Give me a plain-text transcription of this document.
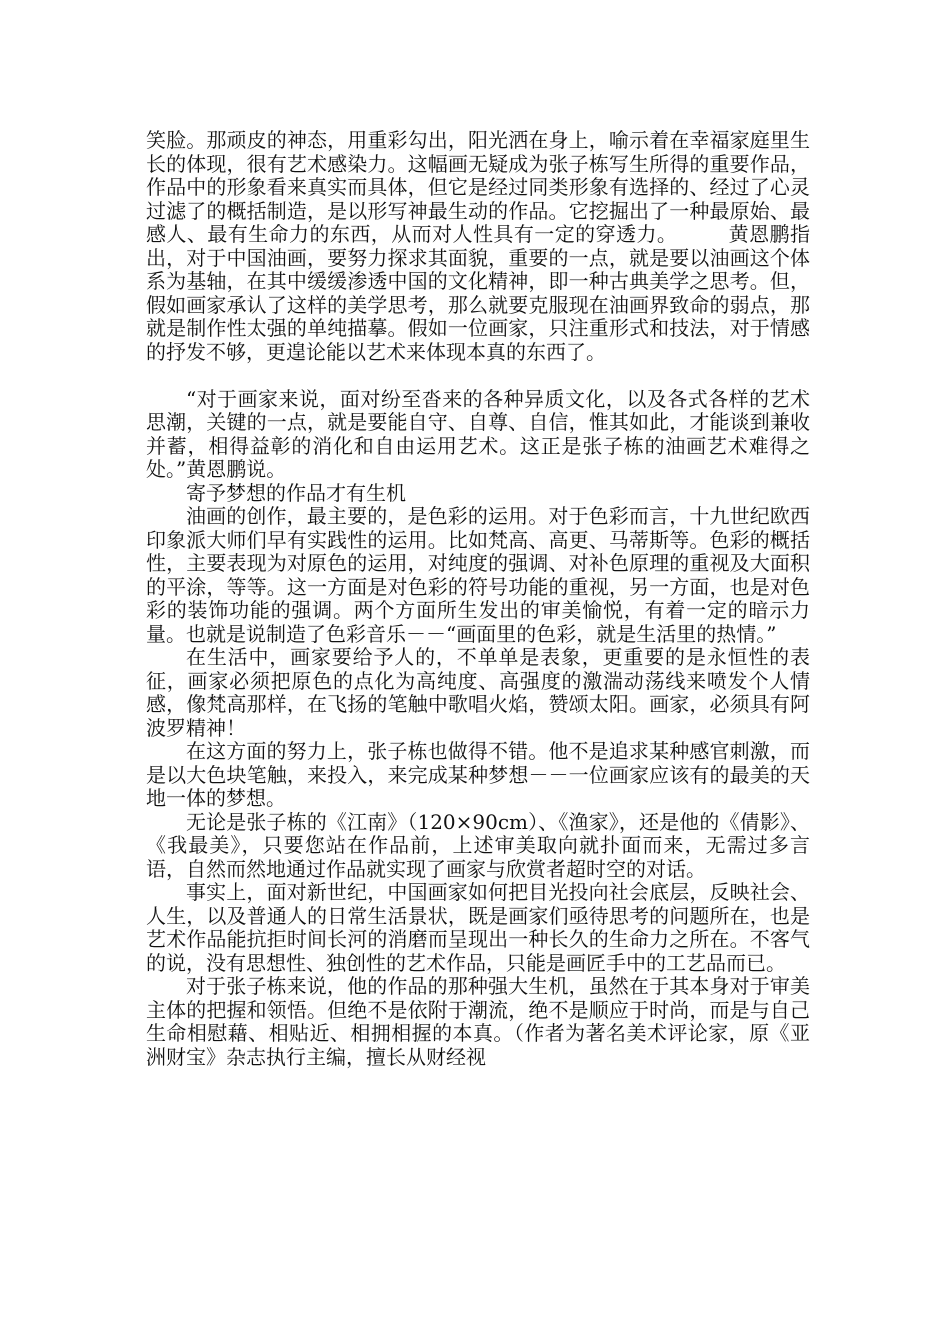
笑脸。那顽皮的神态，用重彩勾出，阳光洒在身上，喻示着在幸福家庭里生长的体现，很有艺术感染力。这幅画无疑成为张子栋写生所得的重要作品，作品中的形象看来真实而具体，但它是经过同类形象有选择的、经过了心灵过滤了的概括制造，是以形写神最生动的作品。它挖掘出了一种最原始、最感人、最有生命力的东西，从而对人性具有一定的穿透力。　　　黄恩鹏指出，对于中国油画，要努力探求其面貌，重要的一点，就是要以油画这个体系为基轴，在其中缓缓渗透中国的文化精神，即一种古典美学之思考。但，假如画家承认了这样的美学思考，那么就要克服现在油画界致命的弱点，那就是制作性太强的单纯描摹。假如一位画家，只注重形式和技法，对于情感的抒发不够，更遑论能以艺术来体现本真的东西了。

“对于画家来说，面对纷至沓来的各种异质文化，以及各式各样的艺术思潮，关键的一点，就是要能自守、自尊、自信，惟其如此，才能谈到兼收并蓄，相得益彰的消化和自由运用艺术。这正是张子栋的油画艺术难得之处。”黄恩鹏说。

寄予梦想的作品才有生机

油画的创作，最主要的，是色彩的运用。对于色彩而言，十九世纪欧西印象派大师们早有实践性的运用。比如梵高、高更、马蒂斯等。色彩的概括性，主要表现为对原色的运用，对纯度的强调、对补色原理的重视及大面积的平涂，等等。这一方面是对色彩的符号功能的重视，另一方面，也是对色彩的装饰功能的强调。两个方面所生发出的审美愉悦，有着一定的暗示力量。也就是说制造了色彩音乐－－“画面里的色彩，就是生活里的热情。”

在生活中，画家要给予人的，不单单是表象，更重要的是永恒性的表征，画家必须把原色的点化为高纯度、高强度的激湍动荡线来喷发个人情感，像梵高那样，在飞扬的笔触中歌唱火焰，赞颂太阳。画家，必须具有阿波罗精神！

在这方面的努力上，张子栋也做得不错。他不是追求某种感官刺激，而是以大色块笔触，来投入，来完成某种梦想－－一位画家应该有的最美的天地一体的梦想。

无论是张子栋的《江南》（120×90cm）、《渔家》，还是他的《倩影》、《我最美》，只要您站在作品前，上述审美取向就扑面而来，无需过多言语，自然而然地通过作品就实现了画家与欣赏者超时空的对话。

事实上，面对新世纪，中国画家如何把目光投向社会底层，反映社会、人生，以及普通人的日常生活景状，既是画家们亟待思考的问题所在，也是艺术作品能抗拒时间长河的消磨而呈现出一种长久的生命力之所在。不客气的说，没有思想性、独创性的艺术作品，只能是画匠手中的工艺品而已。

对于张子栋来说，他的作品的那种强大生机，虽然在于其本身对于审美主体的把握和领悟。但绝不是依附于潮流，绝不是顺应于时尚，而是与自己生命相慰藉、相贴近、相拥相握的本真。（作者为著名美术评论家，原《亚洲财宝》杂志执行主编，擅长从财经视
